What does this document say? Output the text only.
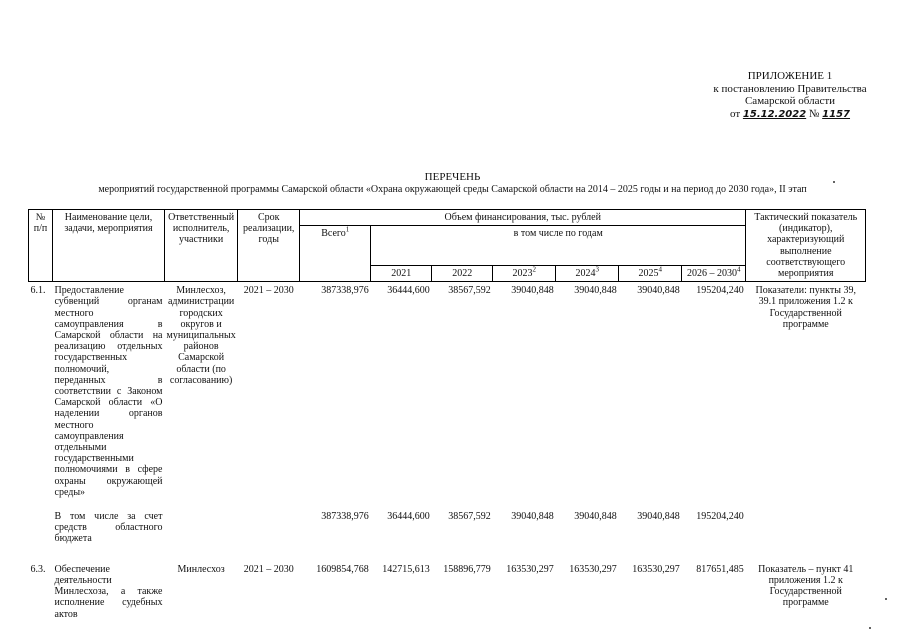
ПРИЛОЖЕНИЕ 1
к постановлению Правительства
Самарской области
от 15.12.2022 № 1157
ПЕРЕЧЕНЬ
мероприятий государственной программы Самарской области «Охрана окружающей среды Самарской области на 2014 – 2025 годы и на период до 2030 года», II этап
№ п/п	Наименование цели, задачи, мероприятия	Ответственный исполнитель, участники	Срок реализации, годы	Объем финансирования, тыс. рублей							Тактический показатель (индикатор), характеризующий выполнение соответствующего мероприятия
				Всего$^1$	в том числе по годам						
					2021	2022	2023$^2$	2024$^3$	2025$^4$	2026 – 2030$^4$
6.1.	Предоставление субвенций органам местного самоуправления в Самарской области на реализацию отдельных государственных полномочий, переданных в соответствии с Законом Самарской области «О наделении органов местного самоуправления отдельными государственными полномочиями в сфере охраны окружающей среды»	Минлесхоз, администрации городских округов и муниципальных районов Самарской области (по согласованию)	2021 – 2030	387338,976	36444,600	38567,592	39040,848	39040,848	39040,848	195204,240	Показатели: пункты 39, 39.1 приложения 1.2 к Государственной программе
	В том числе за счет средств областного бюджета			387338,976	36444,600	38567,592	39040,848	39040,848	39040,848	195204,240	
6.3.	Обеспечение деятельности Минлесхоза, а также исполнение судебных актов	Минлесхоз	2021 – 2030	1609854,768	142715,613	158896,779	163530,297	163530,297	163530,297	817651,485	Показатель – пункт 41 приложения 1.2 к Государственной программе
